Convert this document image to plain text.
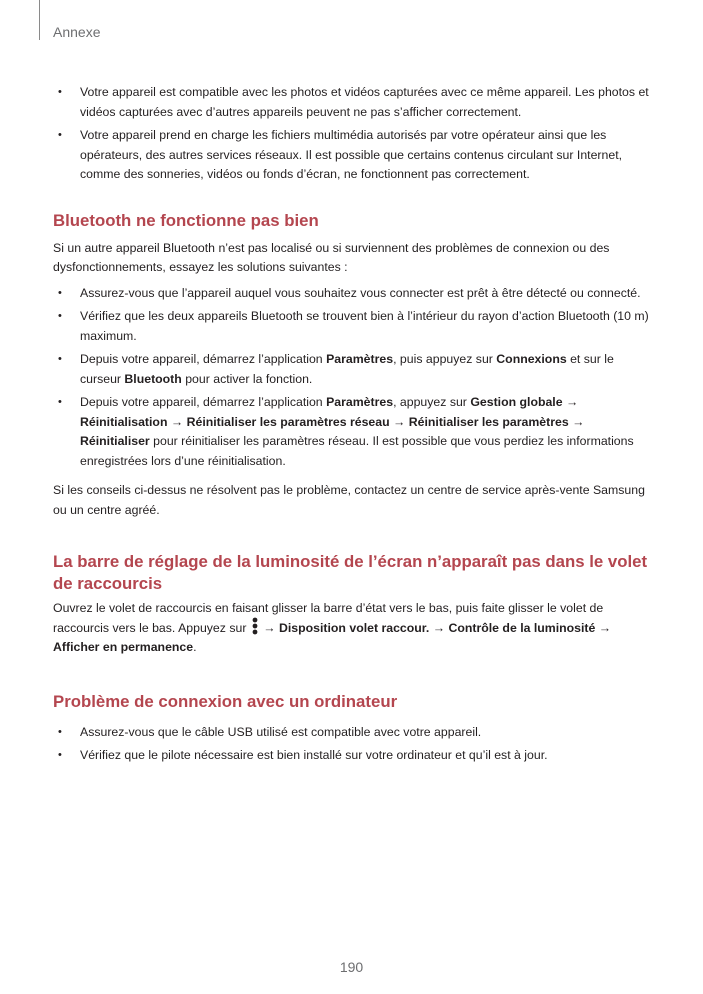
Annexe
• Votre appareil est compatible avec les photos et vidéos capturées avec ce même appareil. Les photos et vidéos capturées avec d’autres appareils peuvent ne pas s’afficher correctement.
• Votre appareil prend en charge les fichiers multimédia autorisés par votre opérateur ainsi que les opérateurs, des autres services réseaux. Il est possible que certains contenus circulant sur Internet, comme des sonneries, vidéos ou fonds d’écran, ne fonctionnent pas correctement.
Bluetooth ne fonctionne pas bien

Si un autre appareil Bluetooth n’est pas localisé ou si surviennent des problèmes de connexion ou des dysfonctionnements, essayez les solutions suivantes :

• Assurez-vous que l’appareil auquel vous souhaitez vous connecter est prêt à être détecté ou connecté.
• Vérifiez que les deux appareils Bluetooth se trouvent bien à l’intérieur du rayon d’action Bluetooth (10 m) maximum.
• Depuis votre appareil, démarrez l’application Paramètres, puis appuyez sur Connexions et sur le curseur Bluetooth pour activer la fonction.
• Depuis votre appareil, démarrez l’application Paramètres, appuyez sur Gestion globale → Réinitialisation → Réinitialiser les paramètres réseau → Réinitialiser les paramètres → Réinitialiser pour réinitialiser les paramètres réseau. Il est possible que vous perdiez les informations enregistrées lors d’une réinitialisation.

Si les conseils ci-dessus ne résolvent pas le problème, contactez un centre de service après-vente Samsung ou un centre agréé.

La barre de réglage de la luminosité de l’écran n’apparaît pas dans le volet de raccourcis

Ouvrez le volet de raccourcis en faisant glisser la barre d’état vers le bas, puis faite glisser le volet de raccourcis vers le bas. Appuyez sur
→ Disposition volet raccour. → Contrôle de la luminosité → Afficher en permanence.

Problème de connexion avec un ordinateur
• Assurez-vous que le câble USB utilisé est compatible avec votre appareil.
• Vérifiez que le pilote nécessaire est bien installé sur votre ordinateur et qu’il est à jour.
190
